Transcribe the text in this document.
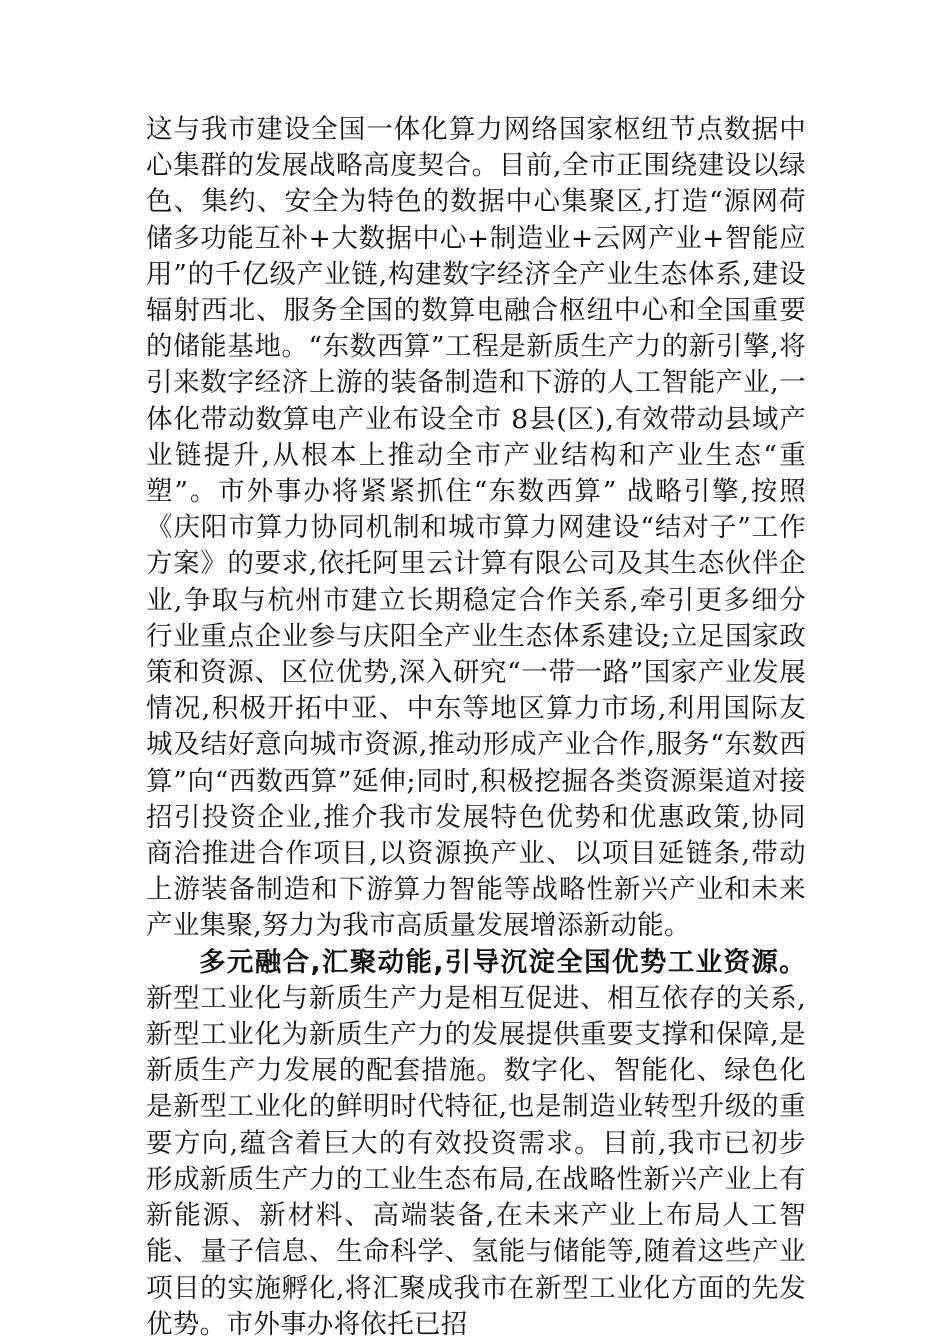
这与我市建设全国一体化算力网络国家枢纽节点数据中心集群的发展战略高度契合。目前,全市正围绕建设以绿色、集约、安全为特色的数据中心集聚区,打造“源网荷储多功能互补+大数据中心+制造业+云网产业+智能应用”的千亿级产业链,构建数字经济全产业生态体系,建设辐射西北、服务全国的数算电融合枢纽中心和全国重要的储能基地。“东数西算”工程是新质生产力的新引擎,将引来数字经济上游的装备制造和下游的人工智能产业,一体化带动数算电产业布设全市 8县(区),有效带动县域产业链提升,从根本上推动全市产业结构和产业生态“重塑”。市外事办将紧紧抓住“东数西算” 战略引擎,按照《庆阳市算力协同机制和城市算力网建设“结对子”工作方案》的要求,依托阿里云计算有限公司及其生态伙伴企业,争取与杭州市建立长期稳定合作关系,牵引更多细分行业重点企业参与庆阳全产业生态体系建设;立足国家政策和资源、区位优势,深入研究“一带一路”国家产业发展情况,积极开拓中亚、中东等地区算力市场,利用国际友城及结好意向城市资源,推动形成产业合作,服务“东数西算”向“西数西算”延伸;同时,积极挖掘各类资源渠道对接招引投资企业,推介我市发展特色优势和优惠政策,协同商洽推进合作项目,以资源换产业、以项目延链条,带动上游装备制造和下游算力智能等战略性新兴产业和未来产业集聚,努力为我市高质量发展增添新动能。

多元融合,汇聚动能,引导沉淀全国优势工业资源。新型工业化与新质生产力是相互促进、相互依存的关系,新型工业化为新质生产力的发展提供重要支撑和保障,是新质生产力发展的配套措施。数字化、智能化、绿色化是新型工业化的鲜明时代特征,也是制造业转型升级的重要方向,蕴含着巨大的有效投资需求。目前,我市已初步形成新质生产力的工业生态布局,在战略性新兴产业上有新能源、新材料、高端装备,在未来产业上布局人工智能、量子信息、生命科学、氢能与储能等,随着这些产业项目的实施孵化,将汇聚成我市在新型工业化方面的先发优势。市外事办将依托已招
